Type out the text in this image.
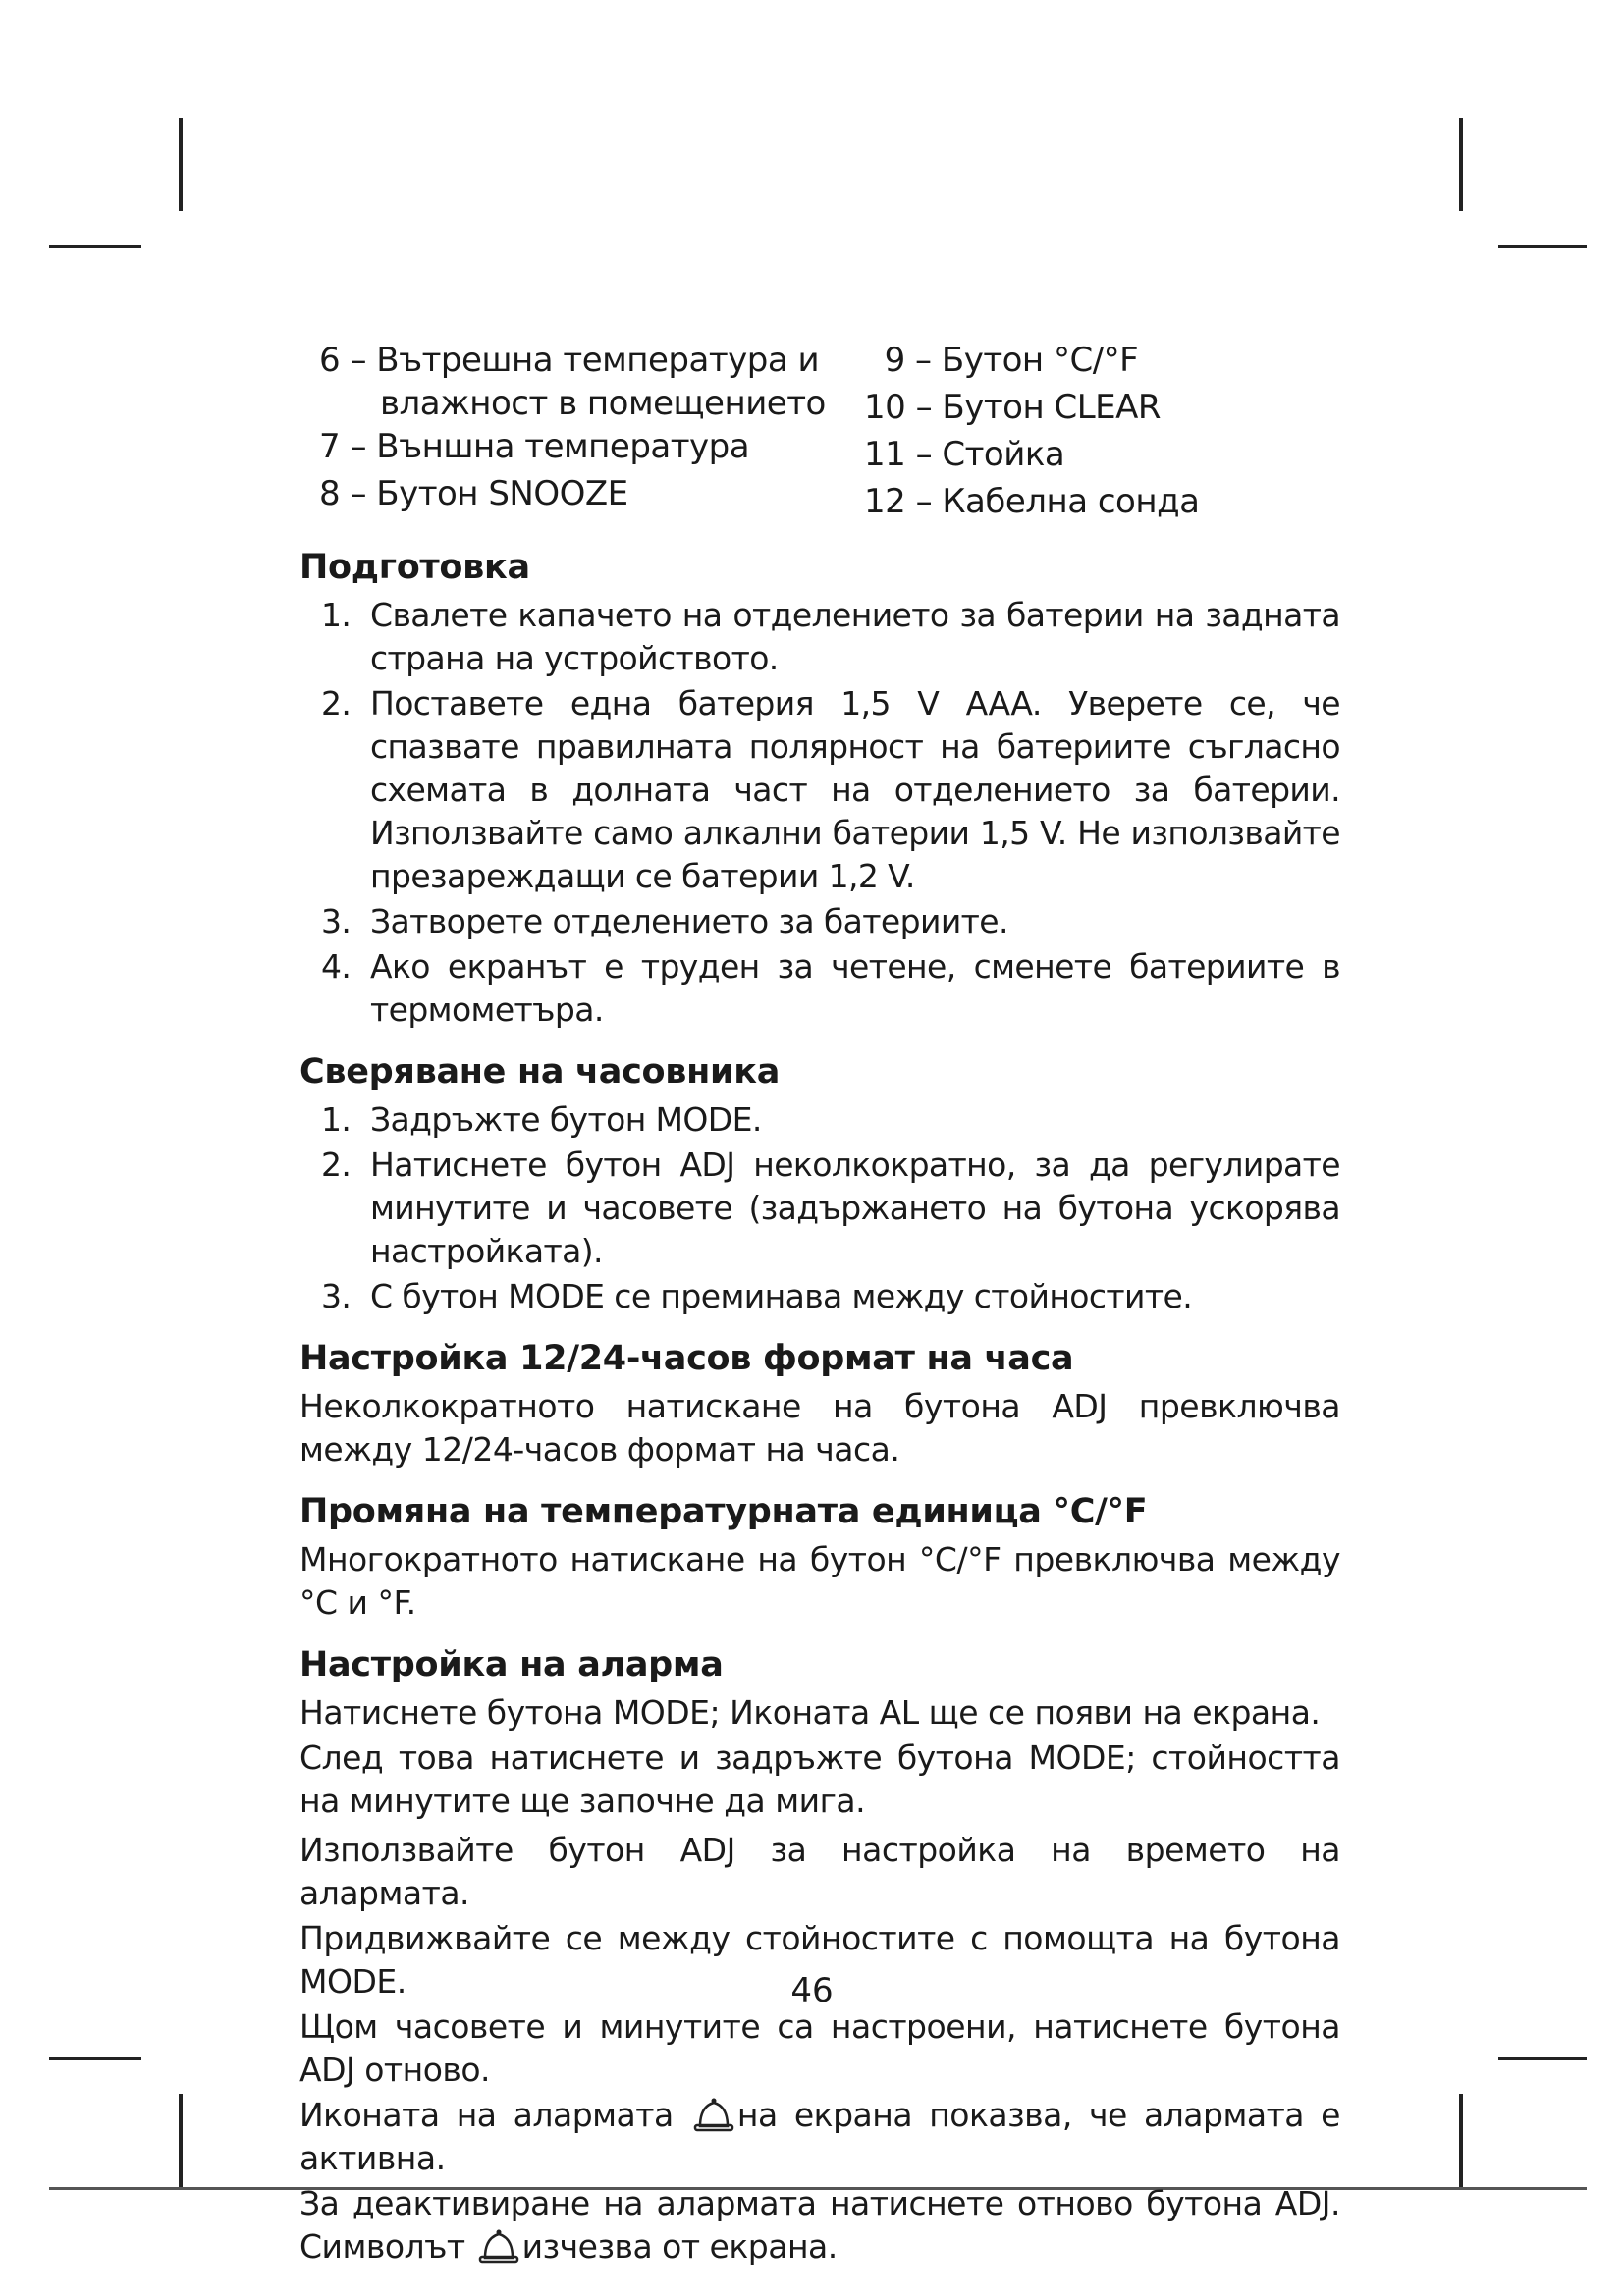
6 – Вътрешна температура и
влажност в помещението
7 – Външна температура
8 – Бутон SNOOZE
9 – Бутон °C/°F
10 – Бутон CLEAR
11 – Стойка
12 – Кабелна сонда
Подготовка
1. Свалете капачето на отделението за батерии на задната страна на устройството.
2. Поставете една батерия 1,5 V AAA. Уверете се, че спазвате правилната полярност на батериите съгласно схемата в долната част на отделението за батерии. Използвайте само алкални батерии 1,5 V. Не използвайте презареждащи се батерии 1,2 V.
3. Затворете отделението за батериите.
4. Ако екранът е труден за четене, сменете батериите в термометъра.
Сверяване на часовника
1. Задръжте бутон MODE.
2. Натиснете бутон ADJ неколкократно, за да регулирате минутите и часовете (задържането на бутона ускорява настройката).
3. С бутон MODE се преминава между стойностите.
Настройка 12/24-часов формат на часа

Неколкократното натискане на бутона ADJ превключва между 12/24-часов формат на часа.

Промяна на температурната единица °C/°F

Многократното натискане на бутон °C/°F превключва между °C и °F.

Настройка на аларма

Натиснете бутона MODE; Иконата AL ще се появи на екрана.

След това натиснете и задръжте бутона MODE; стойността на минутите ще започне да мига.

Използвайте бутон ADJ за настройка на времето на алармата.

Придвижвайте се между стойностите с помощта на бутона MODE.

Щом часовете и минутите са настроени, натиснете бутона ADJ отново.

Иконата на алармата на екрана показва, че алармата е активна.

За деактивиране на алармата натиснете отново бутона ADJ. Символът изчезва от екрана.

46
